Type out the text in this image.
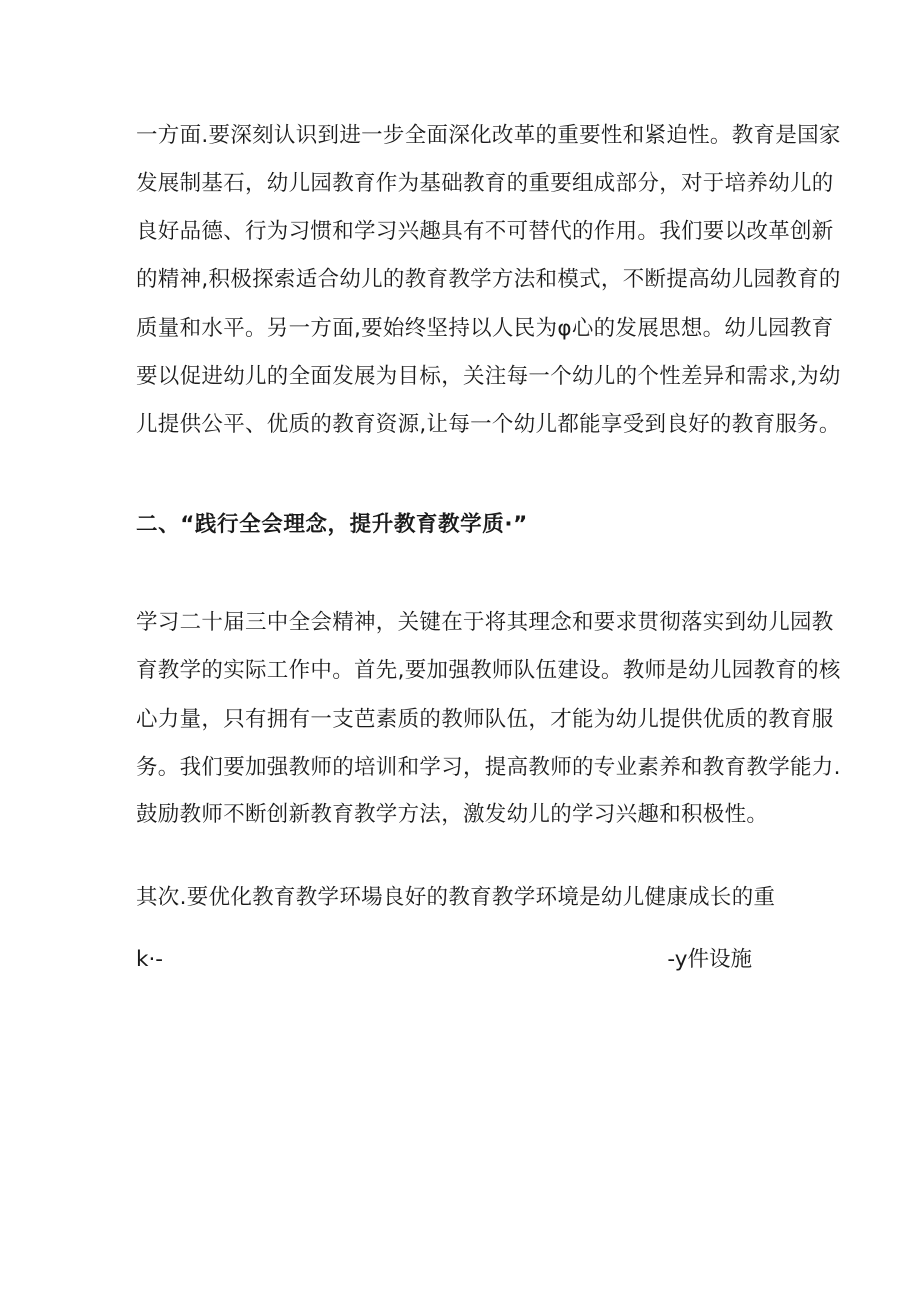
一方面.要深刻认识到进一步全面深化改革的重要性和紧迫性。教育是国家
发展制基石，幼儿园教育作为基础教育的重要组成部分，对于培养幼儿的
良好品德、行为习惯和学习兴趣具有不可替代的作用。我们要以改革创新
的精神,积极探索适合幼儿的教育教学方法和模式，不断提高幼儿园教育的
质量和水平。另一方面,要始终坚持以人民为φ心的发展思想。幼儿园教育
要以促进幼儿的全面发展为目标，关注每一个幼儿的个性差异和需求,为幼
儿提供公平、优质的教育资源,让每一个幼儿都能享受到良好的教育服务。
二、“践行全会理念，提升教育教学质·”
学习二十届三中全会精神，关键在于将其理念和要求贯彻落实到幼儿园教
育教学的实际工作中。首先,要加强教师队伍建设。教师是幼儿园教育的核
心力量，只有拥有一支芭素质的教师队伍，才能为幼儿提供优质的教育服
务。我们要加强教师的培训和学习，提高教师的专业素养和教育教学能力.
鼓励教师不断创新教育教学方法，激发幼儿的学习兴趣和积极性。
其次.要优化教育教学环場良好的教育教学环境是幼儿健康成长的重
k·-	-y件设施
